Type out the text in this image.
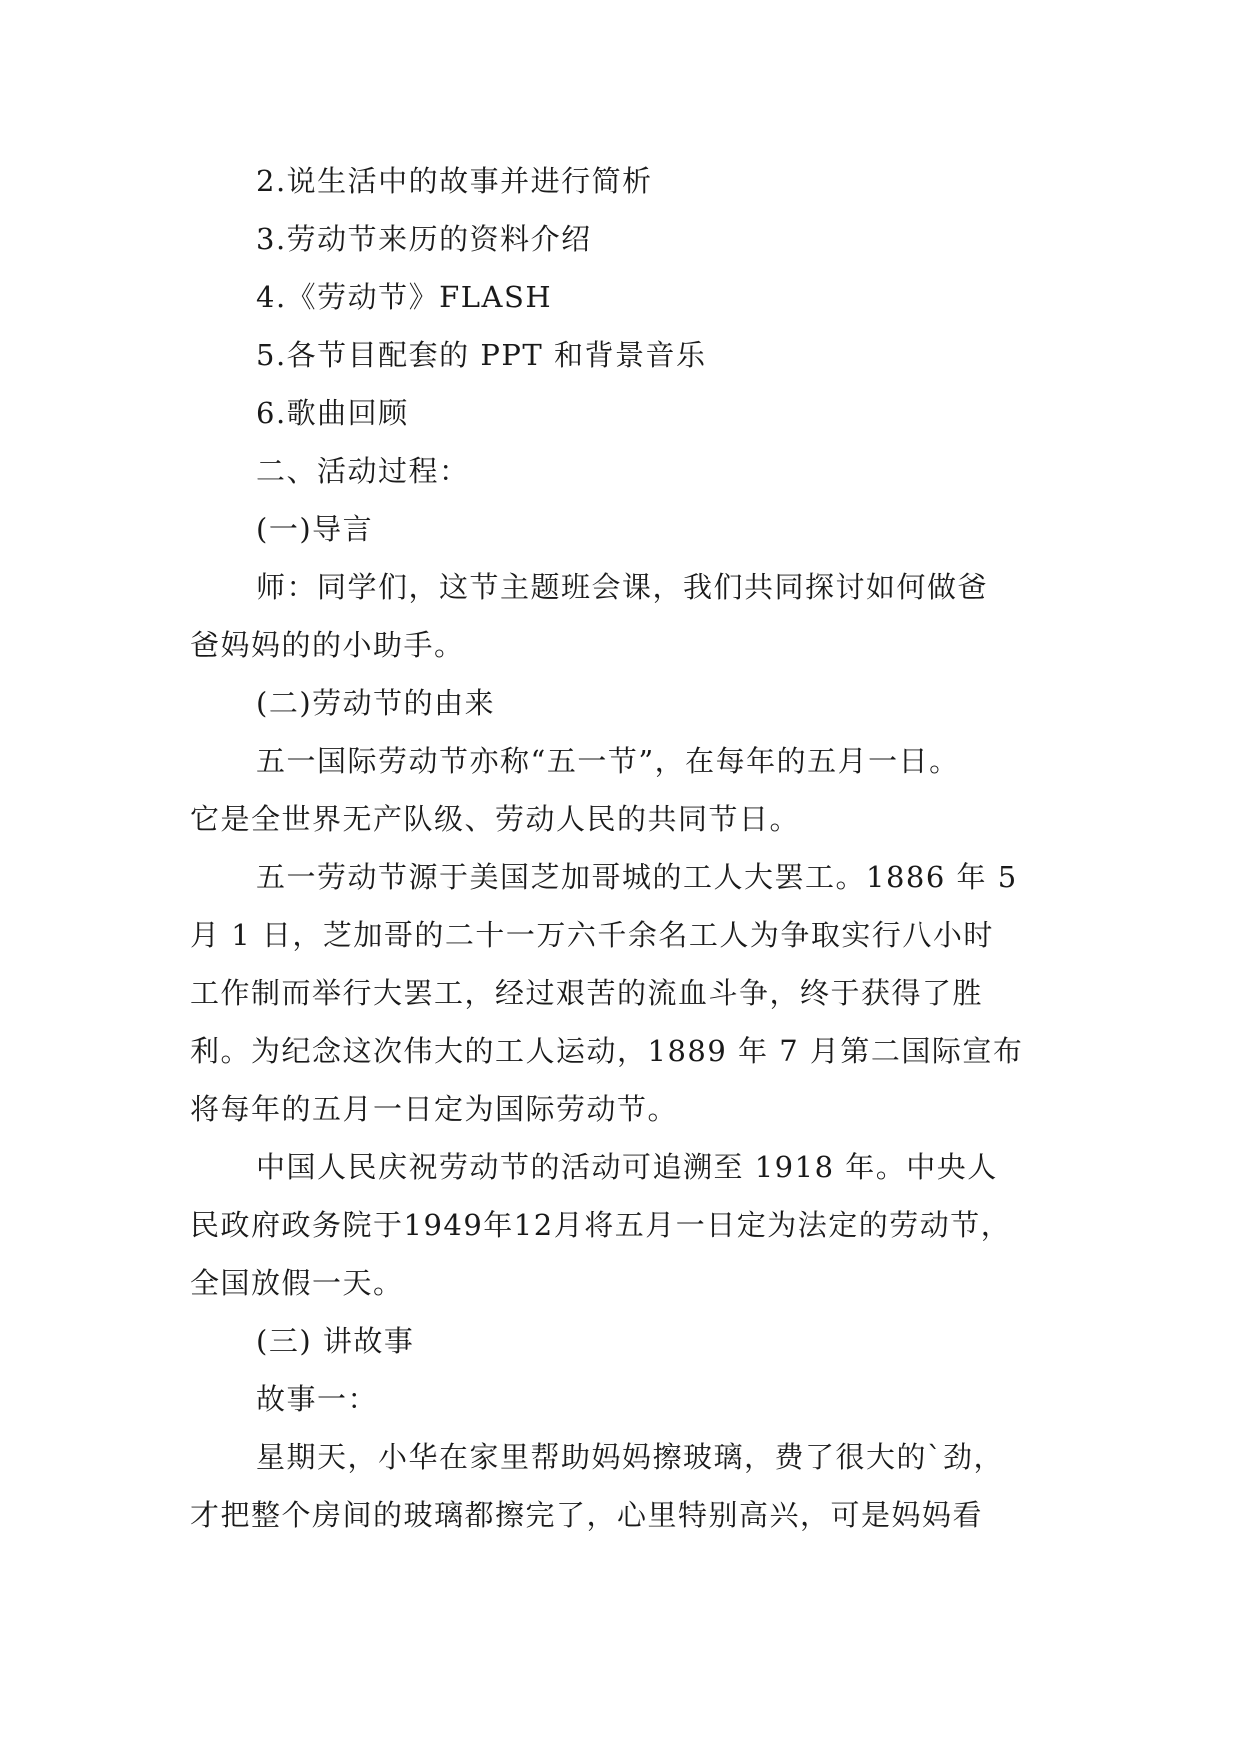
2.说生活中的故事并进行简析
3.劳动节来历的资料介绍
4.《劳动节》FLASH
5.各节目配套的 PPT 和背景音乐
6.歌曲回顾
二、活动过程：
(一)导言
师：同学们，这节主题班会课，我们共同探讨如何做爸
爸妈妈的的小助手。
(二)劳动节的由来
五一国际劳动节亦称“五一节”，在每年的五月一日。
它是全世界无产队级、劳动人民的共同节日。
五一劳动节源于美国芝加哥城的工人大罢工。1886 年 5
月 1 日，芝加哥的二十一万六千余名工人为争取实行八小时
工作制而举行大罢工，经过艰苦的流血斗争，终于获得了胜
利。为纪念这次伟大的工人运动，1889 年 7 月第二国际宣布
将每年的五月一日定为国际劳动节。
中国人民庆祝劳动节的活动可追溯至 1918 年。中央人
民政府政务院于1949年12月将五月一日定为法定的劳动节，
全国放假一天。
(三) 讲故事
故事一：
星期天，小华在家里帮助妈妈擦玻璃，费了很大的`劲，
才把整个房间的玻璃都擦完了，心里特别高兴，可是妈妈看
